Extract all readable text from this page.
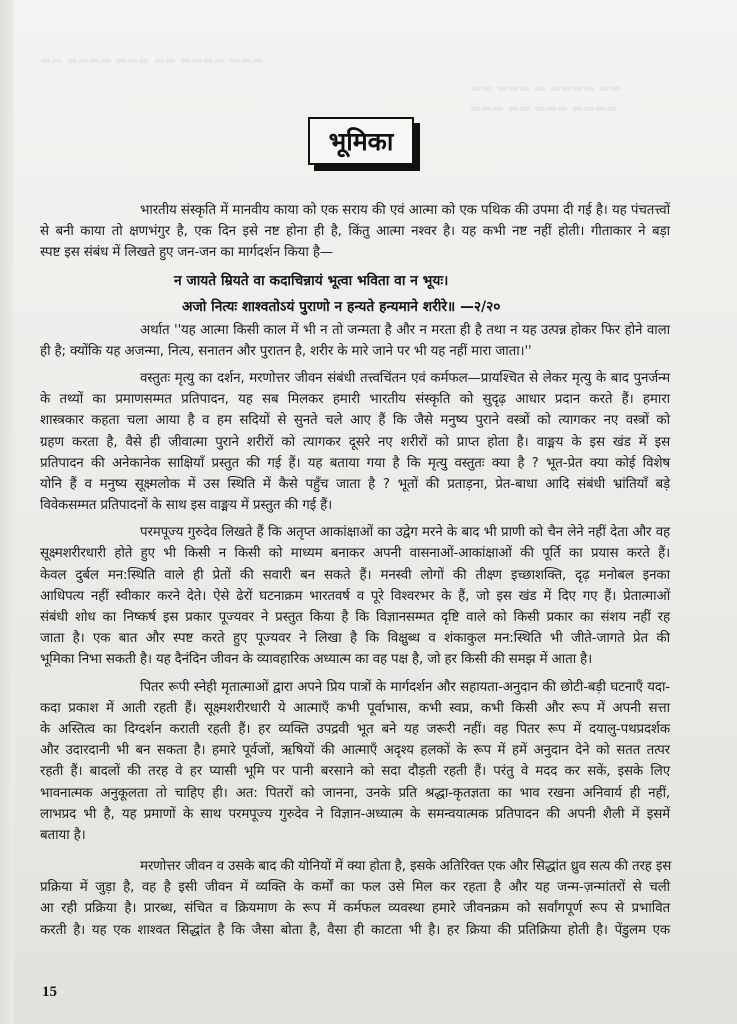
▬▬ ▬▬▬ ▬ ▬▬▬▬ ▬▬
▬▬▬ ▬▬ ▬▬▬ ▬▬▬▬
▬▬ ▬▬▬▬ ▬▬▬ ▬▬ ▬▬▬▬ ▬▬▬
भूमिका
भारतीय संस्कृति में मानवीय काया को एक सराय की एवं आत्मा को एक पथिक की उपमा दी गई है। यह पंचतत्त्वों
से बनी काया तो क्षणभंगुर है, एक दिन इसे नष्ट होना ही है, किंतु आत्मा नश्वर है। यह कभी नष्ट नहीं होती। गीताकार ने बड़ा
स्पष्ट इस संबंध में लिखते हुए जन-जन का मार्गदर्शन किया है—
न जायते म्रियते वा कदाचिन्नायं भूत्वा भविता वा न भूयः।
अजो नित्यः शाश्वतोऽयं पुराणो न हन्यते हन्यमाने शरीरे॥ —२/२०
अर्थात ''यह आत्मा किसी काल में भी न तो जन्मता है और न मरता ही है तथा न यह उत्पन्न होकर फिर होने वाला
ही है; क्योंकि यह अजन्मा, नित्य, सनातन और पुरातन है, शरीर के मारे जाने पर भी यह नहीं मारा जाता।''
वस्तुतः मृत्यु का दर्शन, मरणोत्तर जीवन संबंधी तत्त्वचिंतन एवं कर्मफल—प्रायश्चित से लेकर मृत्यु के बाद पुनर्जन्म
के तथ्यों का प्रमाणसम्मत प्रतिपादन, यह सब मिलकर हमारी भारतीय संस्कृति को सुदृढ़ आधार प्रदान करते हैं। हमारा
शास्त्रकार कहता चला आया है व हम सदियों से सुनते चले आए हैं कि जैसे मनुष्य पुराने वस्त्रों को त्यागकर नए वस्त्रों को
ग्रहण करता है, वैसे ही जीवात्मा पुराने शरीरों को त्यागकर दूसरे नए शरीरों को प्राप्त होता है। वाङ्मय के इस खंड में इस
प्रतिपादन की अनेकानेक साक्षियाँ प्रस्तुत की गई हैं। यह बताया गया है कि मृत्यु वस्तुतः क्या है ? भूत-प्रेत क्या कोई विशेष
योनि हैं व मनुष्य सूक्ष्मलोक में उस स्थिति में कैसे पहुँच जाता है ? भूतों की प्रताड़ना, प्रेत-बाधा आदि संबंधी भ्रांतियाँ बड़े
विवेकसम्मत प्रतिपादनों के साथ इस वाङ्मय में प्रस्तुत की गई हैं।
परमपूज्य गुरुदेव लिखते हैं कि अतृप्त आकांक्षाओं का उद्वेग मरने के बाद भी प्राणी को चैन लेने नहीं देता और वह
सूक्ष्मशरीरधारी होते हुए भी किसी न किसी को माध्यम बनाकर अपनी वासनाओं-आकांक्षाओं की पूर्ति का प्रयास करते हैं।
केवल दुर्बल मन:स्थिति वाले ही प्रेतों की सवारी बन सकते हैं। मनस्वी लोगों की तीक्ष्ण इच्छाशक्ति, दृढ़ मनोबल इनका
आधिपत्य नहीं स्वीकार करने देते। ऐसे ढेरों घटनाक्रम भारतवर्ष व पूरे विश्वरभर के हैं, जो इस खंड में दिए गए हैं। प्रेतात्माओं
संबंधी शोध का निष्कर्ष इस प्रकार पूज्यवर ने प्रस्तुत किया है कि विज्ञानसम्मत दृष्टि वाले को किसी प्रकार का संशय नहीं रह
जाता है। एक बात और स्पष्ट करते हुए पूज्यवर ने लिखा है कि विक्षुब्ध व शंकाकुल मन:स्थिति भी जीते-जागते प्रेत की
भूमिका निभा सकती है। यह दैनंदिन जीवन के व्यावहारिक अध्यात्म का वह पक्ष है, जो हर किसी की समझ में आता है।
पितर रूपी स्नेही मृतात्माओं द्वारा अपने प्रिय पात्रों के मार्गदर्शन और सहायता-अनुदान की छोटी-बड़ी घटनाएँ यदा-
कदा प्रकाश में आती रहती हैं। सूक्ष्मशरीरधारी ये आत्माएँ कभी पूर्वाभास, कभी स्वप्न, कभी किसी और रूप में अपनी सत्ता
के अस्तित्व का दिग्दर्शन कराती रहती हैं। हर व्यक्ति उपद्रवी भूत बने यह जरूरी नहीं। वह पितर रूप में दयालु-पथप्रदर्शक
और उदारदानी भी बन सकता है। हमारे पूर्वजों, ऋषियों की आत्माएँ अदृश्य हलकों के रूप में हमें अनुदान देने को सतत तत्पर
रहती हैं। बादलों की तरह वे हर प्यासी भूमि पर पानी बरसाने को सदा दौड़ती रहती हैं। परंतु वे मदद कर सकें, इसके लिए
भावनात्मक अनुकूलता तो चाहिए ही। अत: पितरों को जानना, उनके प्रति श्रद्धा-कृतज्ञता का भाव रखना अनिवार्य ही नहीं,
लाभप्रद भी है, यह प्रमाणों के साथ परमपूज्य गुरुदेव ने विज्ञान-अध्यात्म के समन्वयात्मक प्रतिपादन की अपनी शैली में इसमें
बताया है।
मरणोत्तर जीवन व उसके बाद की योनियों में क्या होता है, इसके अतिरिक्त एक और सिद्धांत ध्रुव सत्य की तरह इस
प्रक्रिया में जुड़ा है, वह है इसी जीवन में व्यक्ति के कर्मों का फल उसे मिल कर रहता है और यह जन्म-ज़न्मांतरों से चली
आ रही प्रक्रिया है। प्रारब्ध, संचित व क्रियमाण के रूप में कर्मफल व्यवस्था हमारे जीवनक्रम को सर्वांगपूर्ण रूप से प्रभावित
करती है। यह एक शाश्वत सिद्धांत है कि जैसा बोता है, वैसा ही काटता भी है। हर क्रिया की प्रतिक्रिया होती है। पेंडुलम एक
15
